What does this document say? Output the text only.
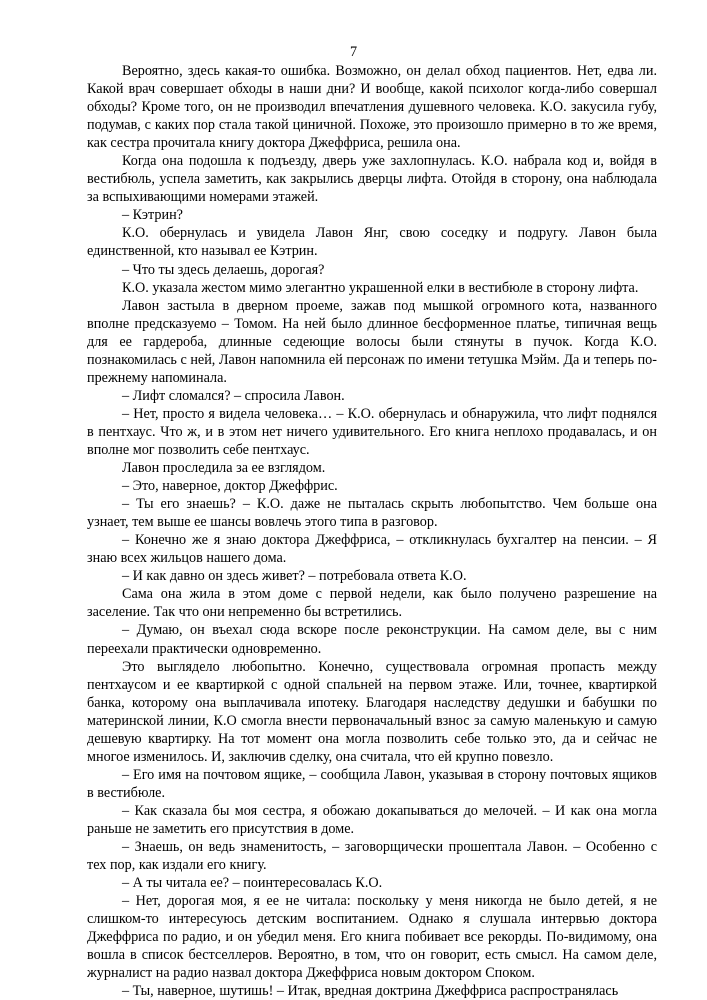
7

Вероятно, здесь какая-то ошибка. Возможно, он делал обход пациентов. Нет, едва ли. Какой врач совершает обходы в наши дни? И вообще, какой психолог когда-либо совершал обходы? Кроме того, он не производил впечатления душевного человека. К.О. закусила губу, подумав, с каких пор стала такой циничной. Похоже, это произошло примерно в то же время, как сестра прочитала книгу доктора Джеффриса, решила она.

Когда она подошла к подъезду, дверь уже захлопнулась. К.О. набрала код и, войдя в вестибюль, успела заметить, как закрылись дверцы лифта. Отойдя в сторону, она наблюдала за вспыхивающими номерами этажей.

– Кэтрин?

К.О. обернулась и увидела Лавон Янг, свою соседку и подругу. Лавон была единственной, кто называл ее Кэтрин.

– Что ты здесь делаешь, дорогая?

К.О. указала жестом мимо элегантно украшенной елки в вестибюле в сторону лифта.

Лавон застыла в дверном проеме, зажав под мышкой огромного кота, названного вполне предсказуемо – Томом. На ней было длинное бесформенное платье, типичная вещь для ее гардероба, длинные седеющие волосы были стянуты в пучок. Когда К.О. познакомилась с ней, Лавон напомнила ей персонаж по имени тетушка Мэйм. Да и теперь по-прежнему напоминала.

– Лифт сломался? – спросила Лавон.

– Нет, просто я видела человека… – К.О. обернулась и обнаружила, что лифт поднялся в пентхаус. Что ж, и в этом нет ничего удивительного. Его книга неплохо продавалась, и он вполне мог позволить себе пентхаус.

Лавон проследила за ее взглядом.

– Это, наверное, доктор Джеффрис.

– Ты его знаешь? – К.О. даже не пыталась скрыть любопытство. Чем больше она узнает, тем выше ее шансы вовлечь этого типа в разговор.

– Конечно же я знаю доктора Джеффриса, – откликнулась бухгалтер на пенсии. – Я знаю всех жильцов нашего дома.

– И как давно он здесь живет? – потребовала ответа К.О.

Сама она жила в этом доме с первой недели, как было получено разрешение на заселение. Так что они непременно бы встретились.

– Думаю, он въехал сюда вскоре после реконструкции. На самом деле, вы с ним переехали практически одновременно.

Это выглядело любопытно. Конечно, существовала огромная пропасть между пентхаусом и ее квартиркой с одной спальней на первом этаже. Или, точнее, квартиркой банка, которому она выплачивала ипотеку. Благодаря наследству дедушки и бабушки по материнской линии, К.О смогла внести первоначальный взнос за самую маленькую и самую дешевую квартирку. На тот момент она могла позволить себе только это, да и сейчас не многое изменилось. И, заключив сделку, она считала, что ей крупно повезло.

– Его имя на почтовом ящике, – сообщила Лавон, указывая в сторону почтовых ящиков в вестибюле.

– Как сказала бы моя сестра, я обожаю докапываться до мелочей. – И как она могла раньше не заметить его присутствия в доме.

– Знаешь, он ведь знаменитость, – заговорщически прошептала Лавон. – Особенно с тех пор, как издали его книгу.

– А ты читала ее? – поинтересовалась К.О.

– Нет, дорогая моя, я ее не читала: поскольку у меня никогда не было детей, я не слишком-то интересуюсь детским воспитанием. Однако я слушала интервью доктора Джеффриса по радио, и он убедил меня. Его книга побивает все рекорды. По-видимому, она вошла в список бестселлеров. Вероятно, в том, что он говорит, есть смысл. На самом деле, журналист на радио назвал доктора Джеффриса новым доктором Споком.

– Ты, наверное, шутишь! – Итак, вредная доктрина Джеффриса распространялась
